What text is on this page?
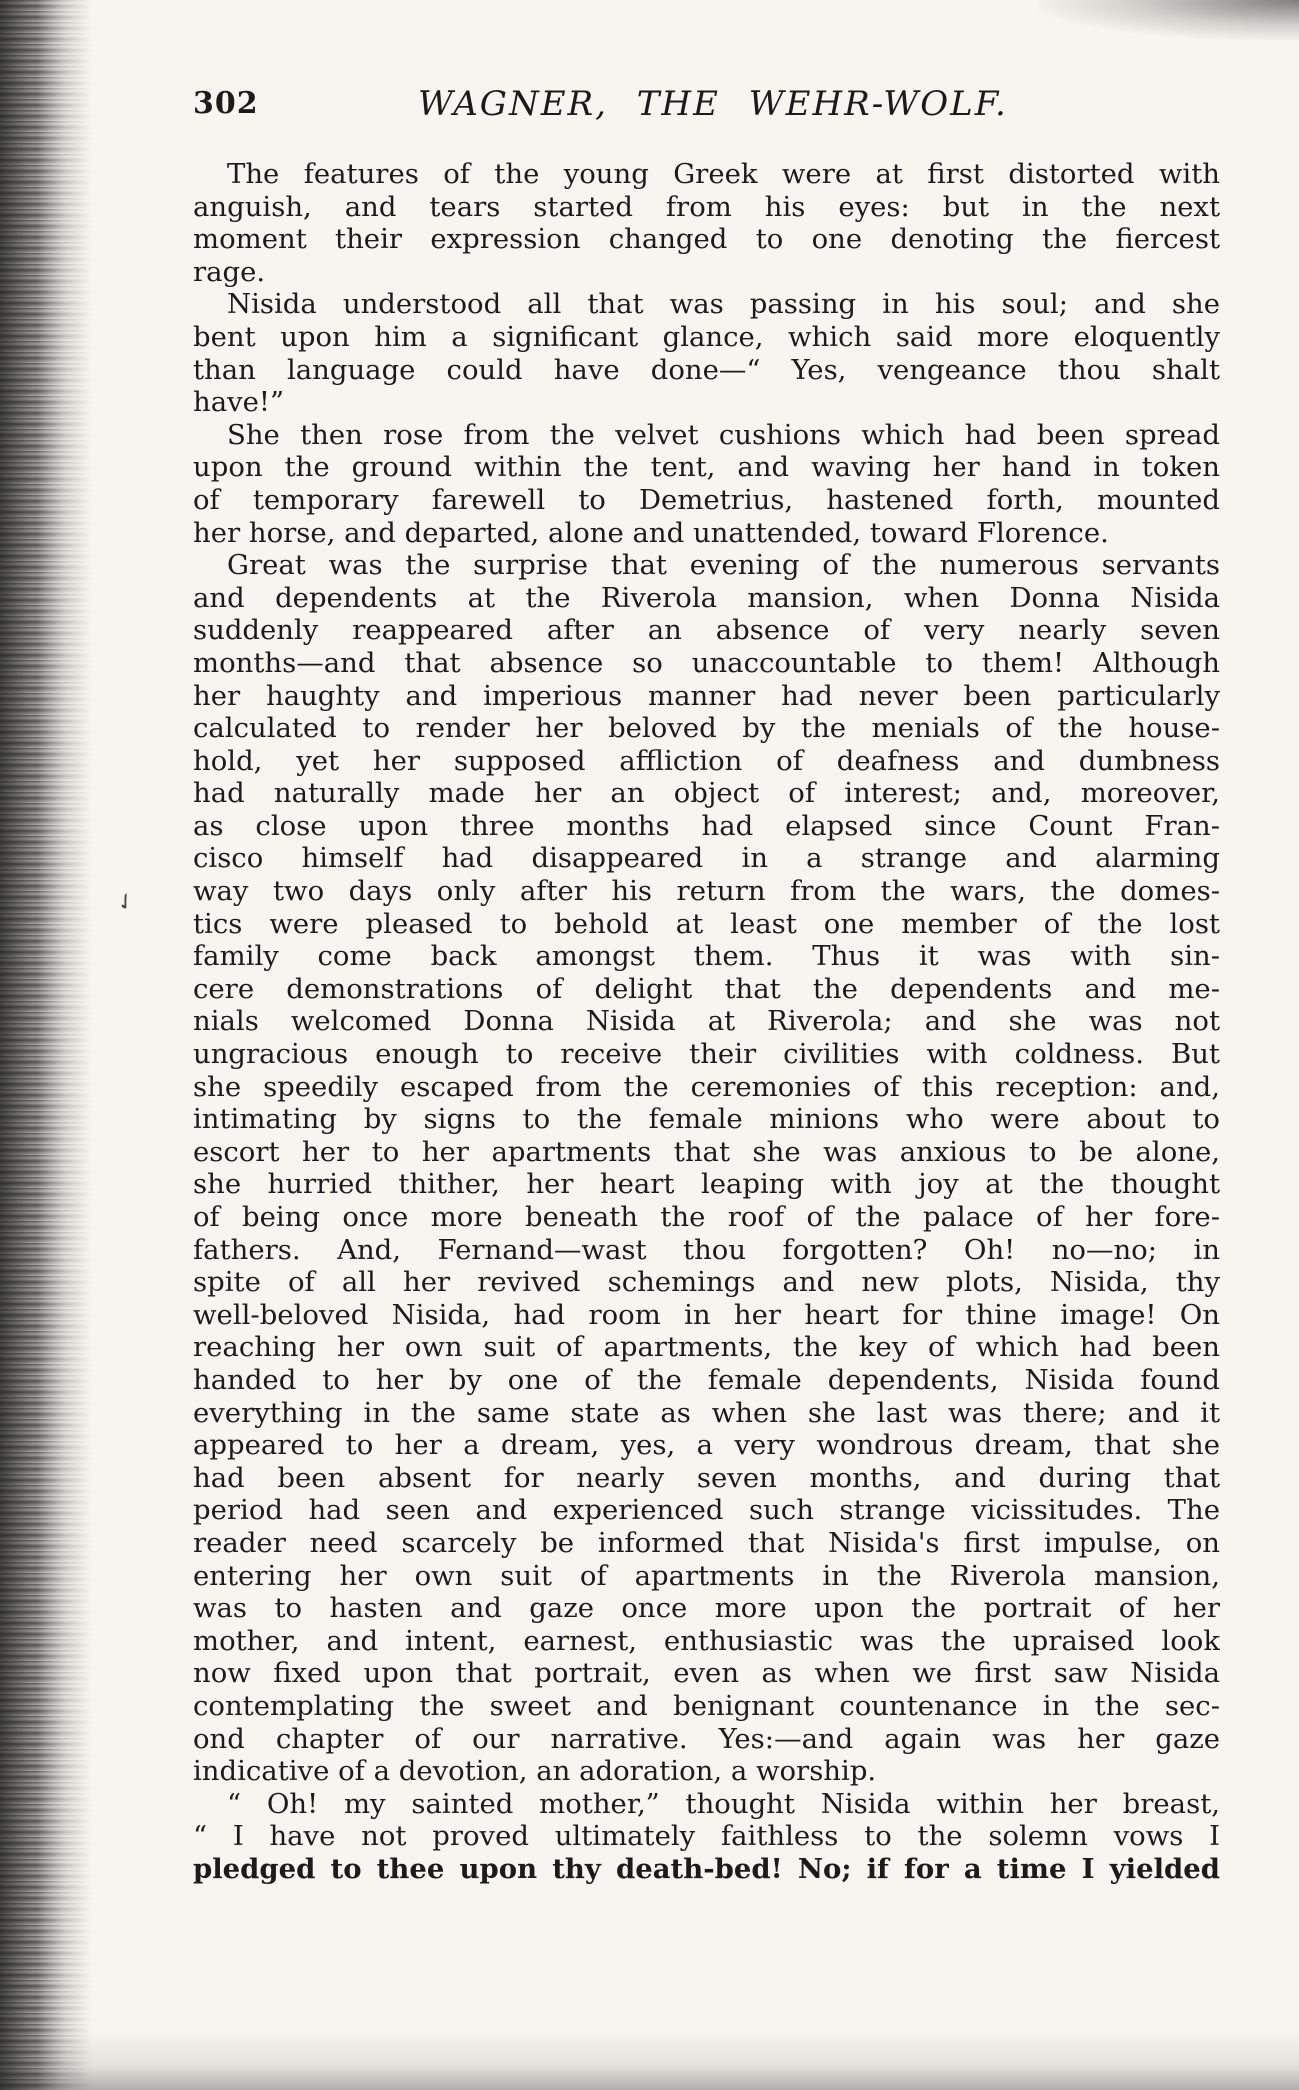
302	WAGNER, THE WEHR-WOLF.
✓
The features of the young Greek were at first distorted with
anguish, and tears started from his eyes: but in the next
moment their expression changed to one denoting the fiercest
rage.
Nisida understood all that was passing in his soul; and she
bent upon him a significant glance, which said more eloquently
than language could have done—“ Yes, vengeance thou shalt
have!”
She then rose from the velvet cushions which had been spread
upon the ground within the tent, and waving her hand in token
of temporary farewell to Demetrius, hastened forth, mounted
her horse, and departed, alone and unattended, toward Florence.
Great was the surprise that evening of the numerous servants
and dependents at the Riverola mansion, when Donna Nisida
suddenly reappeared after an absence of very nearly seven
months—and that absence so unaccountable to them! Although
her haughty and imperious manner had never been particularly
calculated to render her beloved by the menials of the house-
hold, yet her supposed affliction of deafness and dumbness
had naturally made her an object of interest; and, moreover,
as close upon three months had elapsed since Count Fran-
cisco himself had disappeared in a strange and alarming
way two days only after his return from the wars, the domes-
tics were pleased to behold at least one member of the lost
family come back amongst them. Thus it was with sin-
cere demonstrations of delight that the dependents and me-
nials welcomed Donna Nisida at Riverola; and she was not
ungracious enough to receive their civilities with coldness. But
she speedily escaped from the ceremonies of this reception: and,
intimating by signs to the female minions who were about to
escort her to her apartments that she was anxious to be alone,
she hurried thither, her heart leaping with joy at the thought
of being once more beneath the roof of the palace of her fore-
fathers. And, Fernand—wast thou forgotten? Oh! no—no; in
spite of all her revived schemings and new plots, Nisida, thy
well-beloved Nisida, had room in her heart for thine image! On
reaching her own suit of apartments, the key of which had been
handed to her by one of the female dependents, Nisida found
everything in the same state as when she last was there; and it
appeared to her a dream, yes, a very wondrous dream, that she
had been absent for nearly seven months, and during that
period had seen and experienced such strange vicissitudes. The
reader need scarcely be informed that Nisida's first impulse, on
entering her own suit of apartments in the Riverola mansion,
was to hasten and gaze once more upon the portrait of her
mother, and intent, earnest, enthusiastic was the upraised look
now fixed upon that portrait, even as when we first saw Nisida
contemplating the sweet and benignant countenance in the sec-
ond chapter of our narrative. Yes:—and again was her gaze
indicative of a devotion, an adoration, a worship.
“ Oh! my sainted mother,” thought Nisida within her breast,
“ I have not proved ultimately faithless to the solemn vows I
pledged to thee upon thy death-bed! No; if for a time I yielded
